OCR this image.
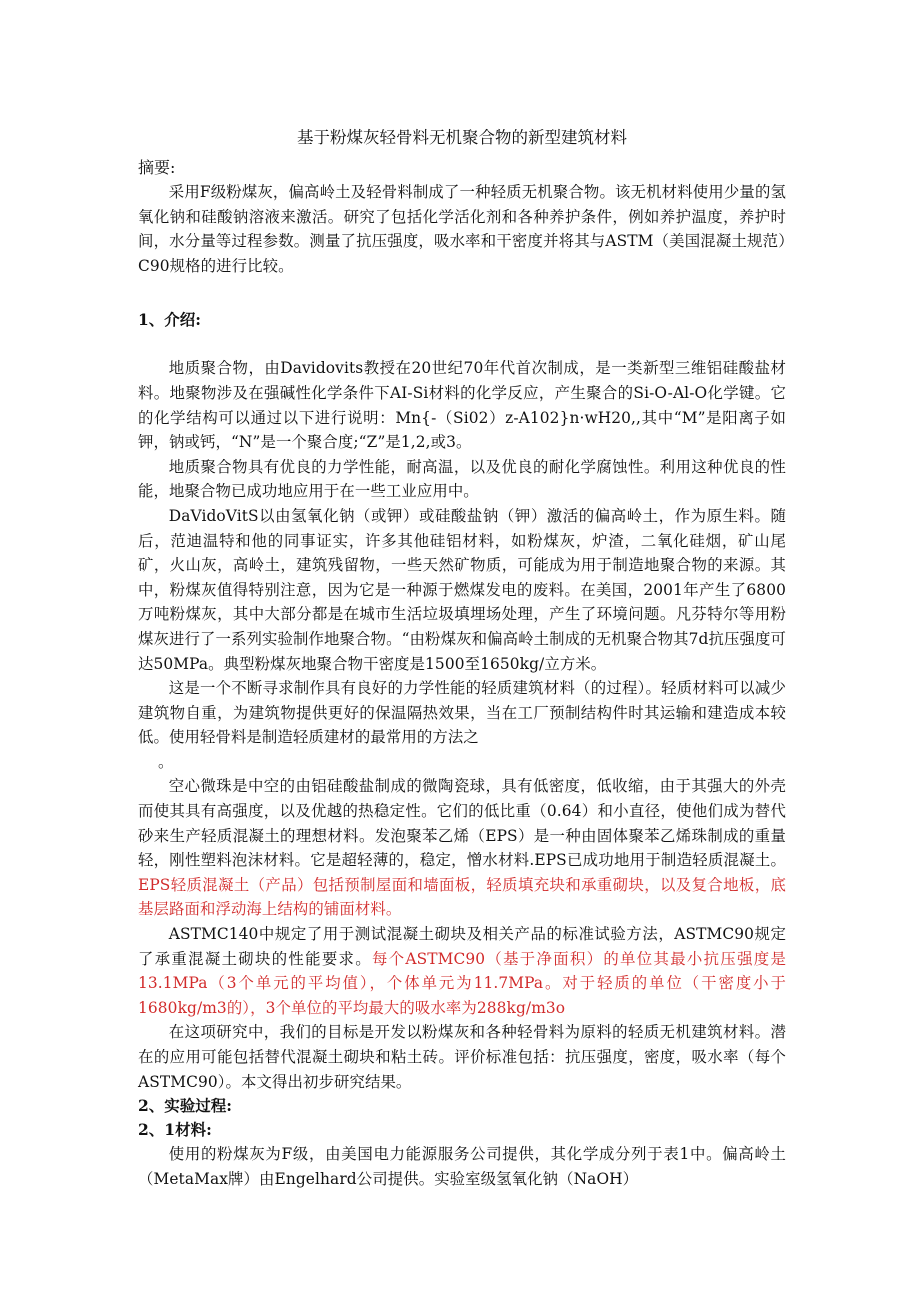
基于粉煤灰轻骨料无机聚合物的新型建筑材料
摘要:

采用F级粉煤灰，偏高岭土及轻骨料制成了一种轻质无机聚合物。该无机材料使用少量的氢氧化钠和硅酸钠溶液来激活。研究了包括化学活化剂和各种养护条件，例如养护温度，养护时间，水分量等过程参数。测量了抗压强度，吸水率和干密度并将其与ASTM（美国混凝土规范）C90规格的进行比较。

1、介绍:

地质聚合物，由Davidovits教授在20世纪70年代首次制成，是一类新型三维铝硅酸盐材料。地聚物涉及在强碱性化学条件下AI-Si材料的化学反应，产生聚合的Si-O-Al-O化学键。它的化学结构可以通过以下进行说明：Mn{-（Si02）z-A102}n·wH20,,其中“M”是阳离子如钾，钠或钙，“N”是一个聚合度;“Z”是1,2,或3。

地质聚合物具有优良的力学性能，耐高温，以及优良的耐化学腐蚀性。利用这种优良的性能，地聚合物已成功地应用于在一些工业应用中。

DaVidoVitS以由氢氧化钠（或钾）或硅酸盐钠（钾）激活的偏高岭土，作为原生料。随后，范迪温特和他的同事证实，许多其他硅铝材料，如粉煤灰，炉渣，二氧化硅烟，矿山尾矿，火山灰，高岭土，建筑残留物，一些天然矿物质，可能成为用于制造地聚合物的来源。其中，粉煤灰值得特别注意，因为它是一种源于燃煤发电的废料。在美国，2001年产生了6800万吨粉煤灰，其中大部分都是在城市生活垃圾填埋场处理，产生了环境问题。凡芬特尔等用粉煤灰进行了一系列实验制作地聚合物。“由粉煤灰和偏高岭土制成的无机聚合物其7d抗压强度可达50MPa。典型粉煤灰地聚合物干密度是1500至1650kg/立方米。

这是一个不断寻求制作具有良好的力学性能的轻质建筑材料（的过程）。轻质材料可以减少建筑物自重，为建筑物提供更好的保温隔热效果，当在工厂预制结构件时其运输和建造成本较低。使用轻骨料是制造轻质建材的最常用的方法之

。

空心微珠是中空的由铝硅酸盐制成的微陶瓷球，具有低密度，低收缩，由于其强大的外壳而使其具有高强度，以及优越的热稳定性。它们的低比重（0.64）和小直径，使他们成为替代砂来生产轻质混凝土的理想材料。发泡聚苯乙烯（EPS）是一种由固体聚苯乙烯珠制成的重量轻，刚性塑料泡沫材料。它是超轻薄的，稳定，憎水材料.EPS已成功地用于制造轻质混凝土。EPS轻质混凝土（产品）包括预制屋面和墙面板，轻质填充块和承重砌块，以及复合地板，底基层路面和浮动海上结构的铺面材料。

ASTMC140中规定了用于测试混凝土砌块及相关产品的标准试验方法，ASTMC90规定了承重混凝土砌块的性能要求。每个ASTMC90（基于净面积）的单位其最小抗压强度是13.1MPa（3个单元的平均值），个体单元为11.7MPa。对于轻质的单位（干密度小于1680kg/m3的），3个单位的平均最大的吸水率为288kg/m3o

在这项研究中，我们的目标是开发以粉煤灰和各种轻骨料为原料的轻质无机建筑材料。潜在的应用可能包括替代混凝土砌块和粘土砖。评价标准包括：抗压强度，密度，吸水率（每个ASTMC90）。本文得出初步研究结果。

2、实验过程:
2、1材料:

使用的粉煤灰为F级，由美国电力能源服务公司提供，其化学成分列于表1中。偏高岭土（MetaMax牌）由Engelhard公司提供。实验室级氢氧化钠（NaOH）
